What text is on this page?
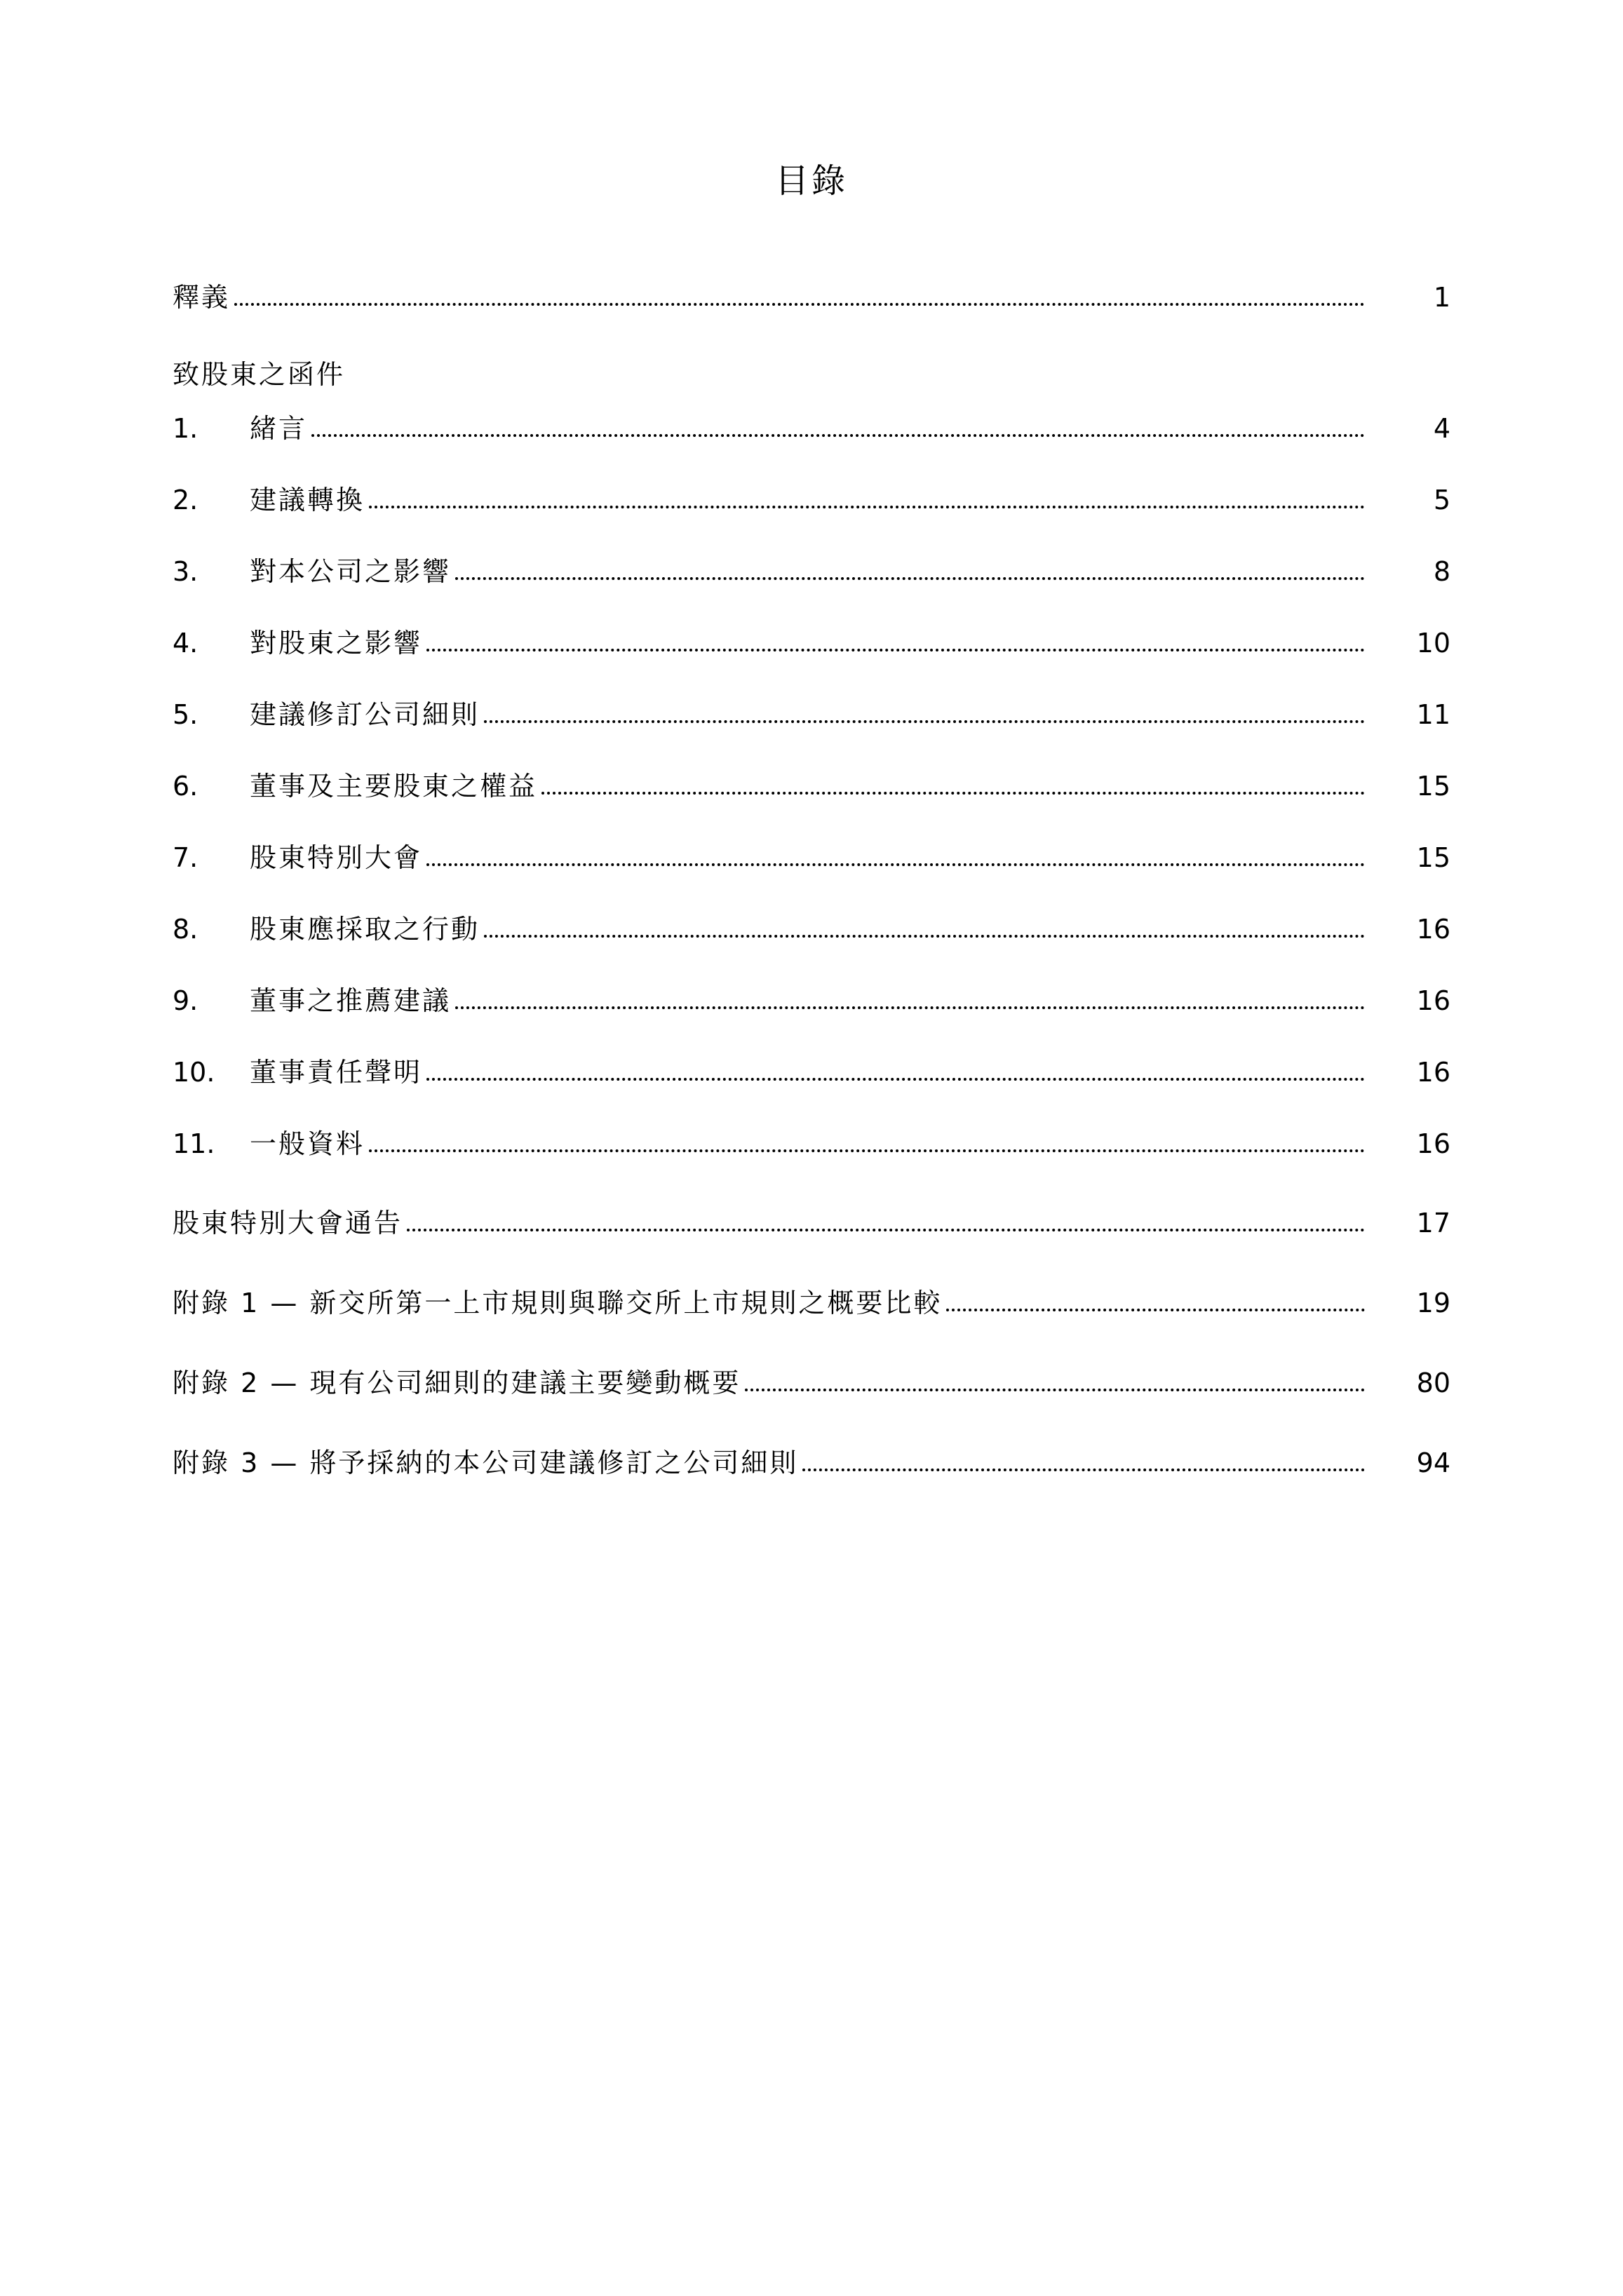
目錄
釋義	1
致股東之函件
1. 緒言	4
2. 建議轉換	5
3. 對本公司之影響	8
4. 對股東之影響	10
5. 建議修訂公司細則	11
6. 董事及主要股東之權益	15
7. 股東特別大會	15
8. 股東應採取之行動	16
9. 董事之推薦建議	16
10. 董事責任聲明	16
11. 一般資料	16
股東特別大會通告	17
附錄 1 — 新交所第一上市規則與聯交所上市規則之概要比較	19
附錄 2 — 現有公司細則的建議主要變動概要	80
附錄 3 — 將予採納的本公司建議修訂之公司細則	94
